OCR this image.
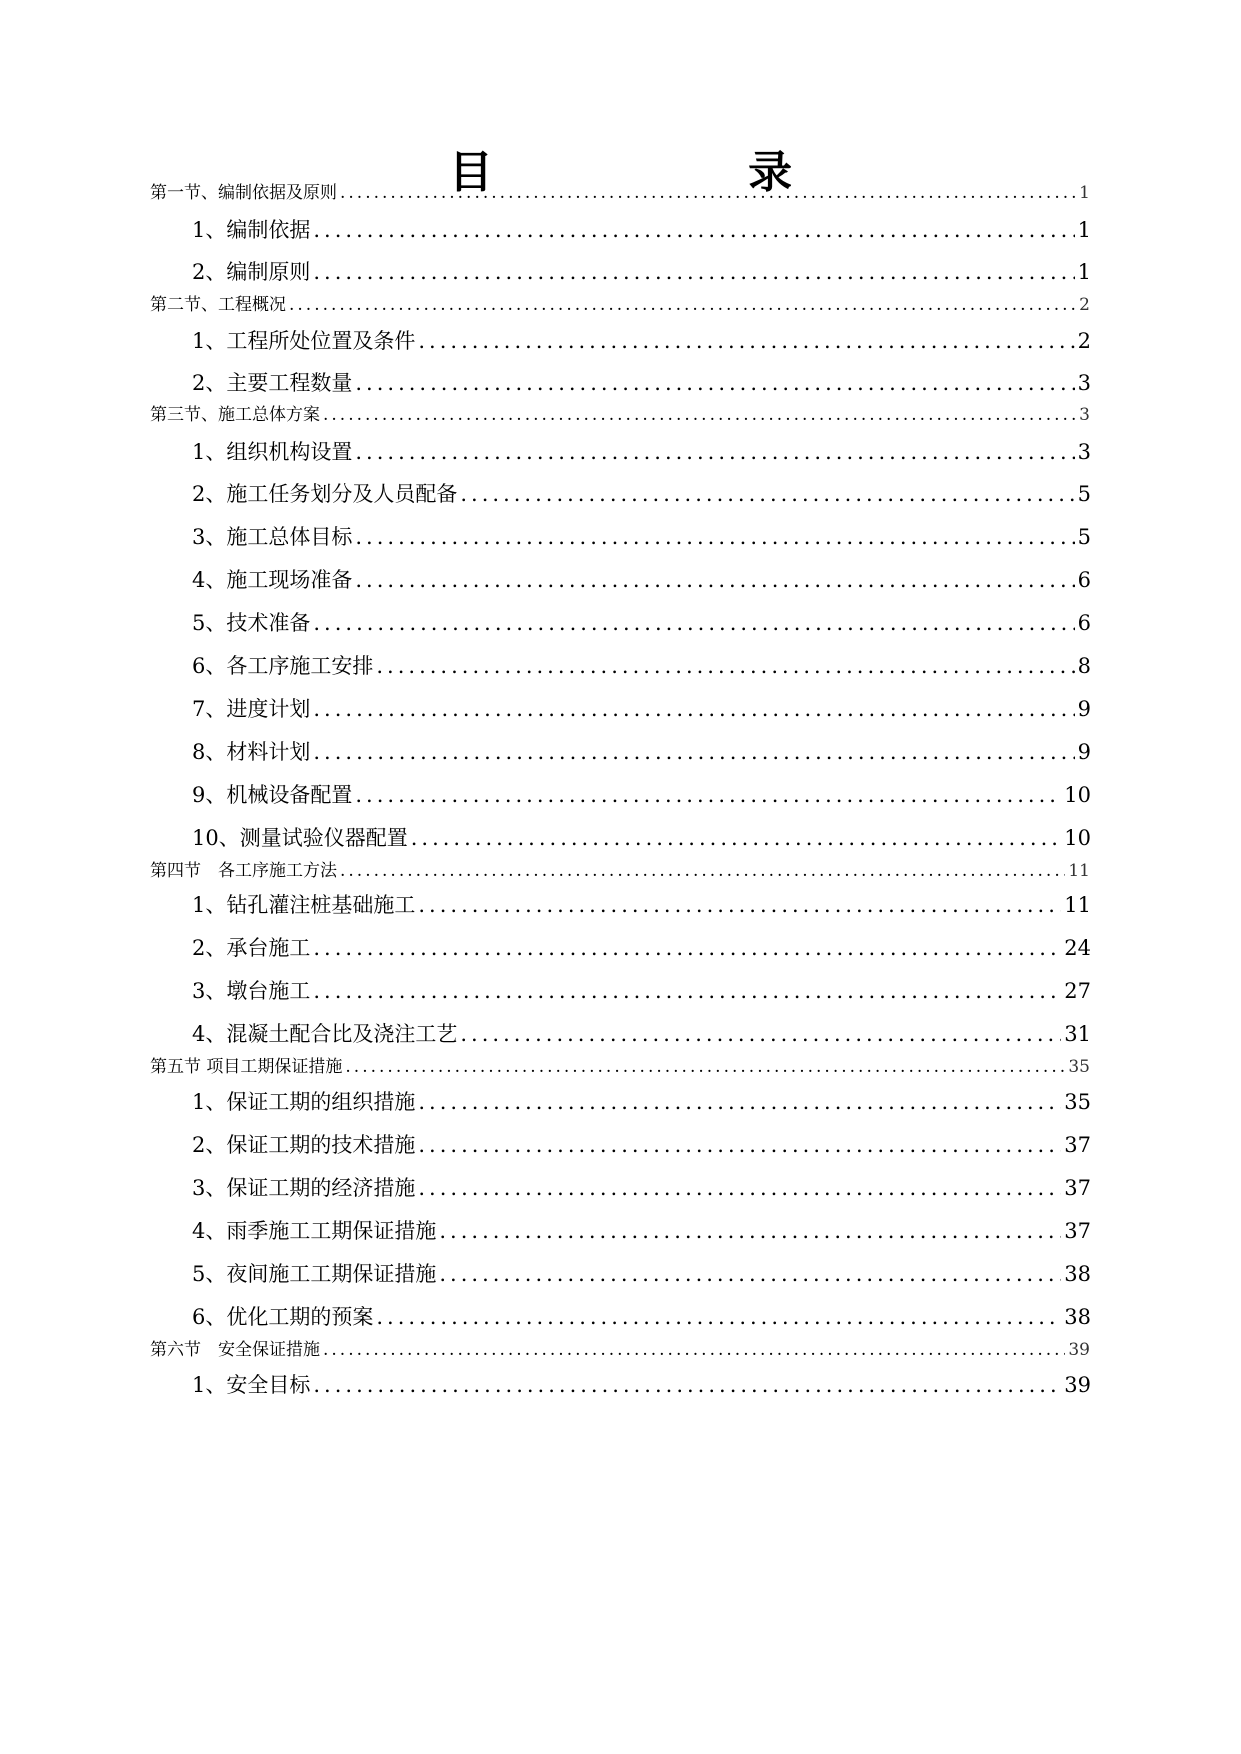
目 录
第一节、编制依据及原则 .....	1
1、编制依据 .....	1
2、编制原则 .....	1
第二节、工程概况 .....	2
1、工程所处位置及条件 .....	2
2、主要工程数量 .....	3
第三节、施工总体方案 .....	3
1、组织机构设置 .....	3
2、施工任务划分及人员配备 .....	5
3、施工总体目标 .....	5
4、施工现场准备 .....	6
5、技术准备 .....	6
6、各工序施工安排 .....	8
7、进度计划 .....	9
8、材料计划 .....	9
9、机械设备配置 .....	10
10、测量试验仪器配置 .....	10
第四节　各工序施工方法 .....	11
1、钻孔灌注桩基础施工 .....	11
2、承台施工 .....	24
3、墩台施工 .....	27
4、混凝土配合比及浇注工艺 .....	31
第五节 项目工期保证措施 .....	35
1、保证工期的组织措施 .....	35
2、保证工期的技术措施 .....	37
3、保证工期的经济措施 .....	37
4、雨季施工工期保证措施 .....	37
5、夜间施工工期保证措施 .....	38
6、优化工期的预案 .....	38
第六节　安全保证措施 .....	39
1、安全目标 .....	39
